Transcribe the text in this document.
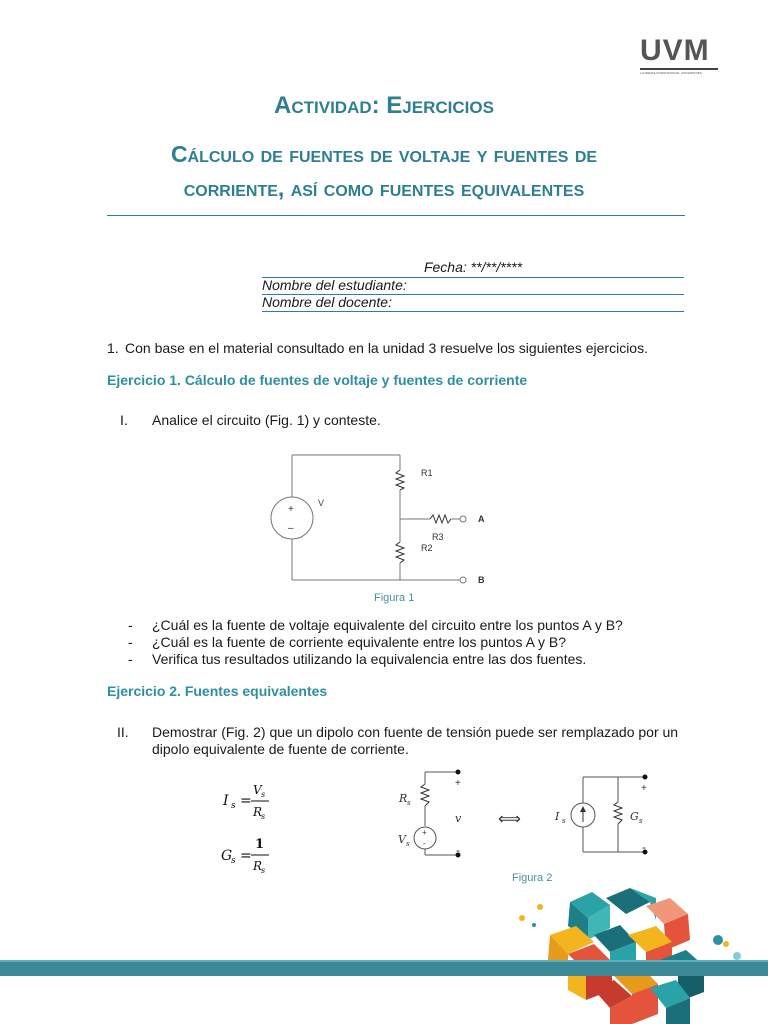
UVM
LAUREATE INTERNATIONAL UNIVERSITIES
Actividad: Ejercicios
Cálculo de fuentes de voltaje y fuentes de
corriente, así como fuentes equivalentes
Fecha: **/**/****
Nombre del estudiante:
Nombre del docente:
1. Con base en el material consultado en la unidad 3 resuelve los siguientes ejercicios.
Ejercicio 1. Cálculo de fuentes de voltaje y fuentes de corriente
I. Analice el circuito (Fig. 1) y conteste.
+
–
V
R1
R3
R2
A
B
Figura 1
- ¿Cuál es la fuente de voltaje equivalente del circuito entre los puntos A y B?
- ¿Cuál es la fuente de corriente equivalente entre los puntos A y B?
- Verifica tus resultados utilizando la equivalencia entre las dos fuentes.
Ejercicio 2. Fuentes equivalentes
II. Demostrar (Fig. 2) que un dipolo con fuente de tensión puede ser remplazado por un
dipolo equivalente de fuente de corriente.
I s =
V s
R
s
G
s =
1
R
s
R s
V s
v	I s	G s
+
-
+
-
+
-
⟺
Figura 2
